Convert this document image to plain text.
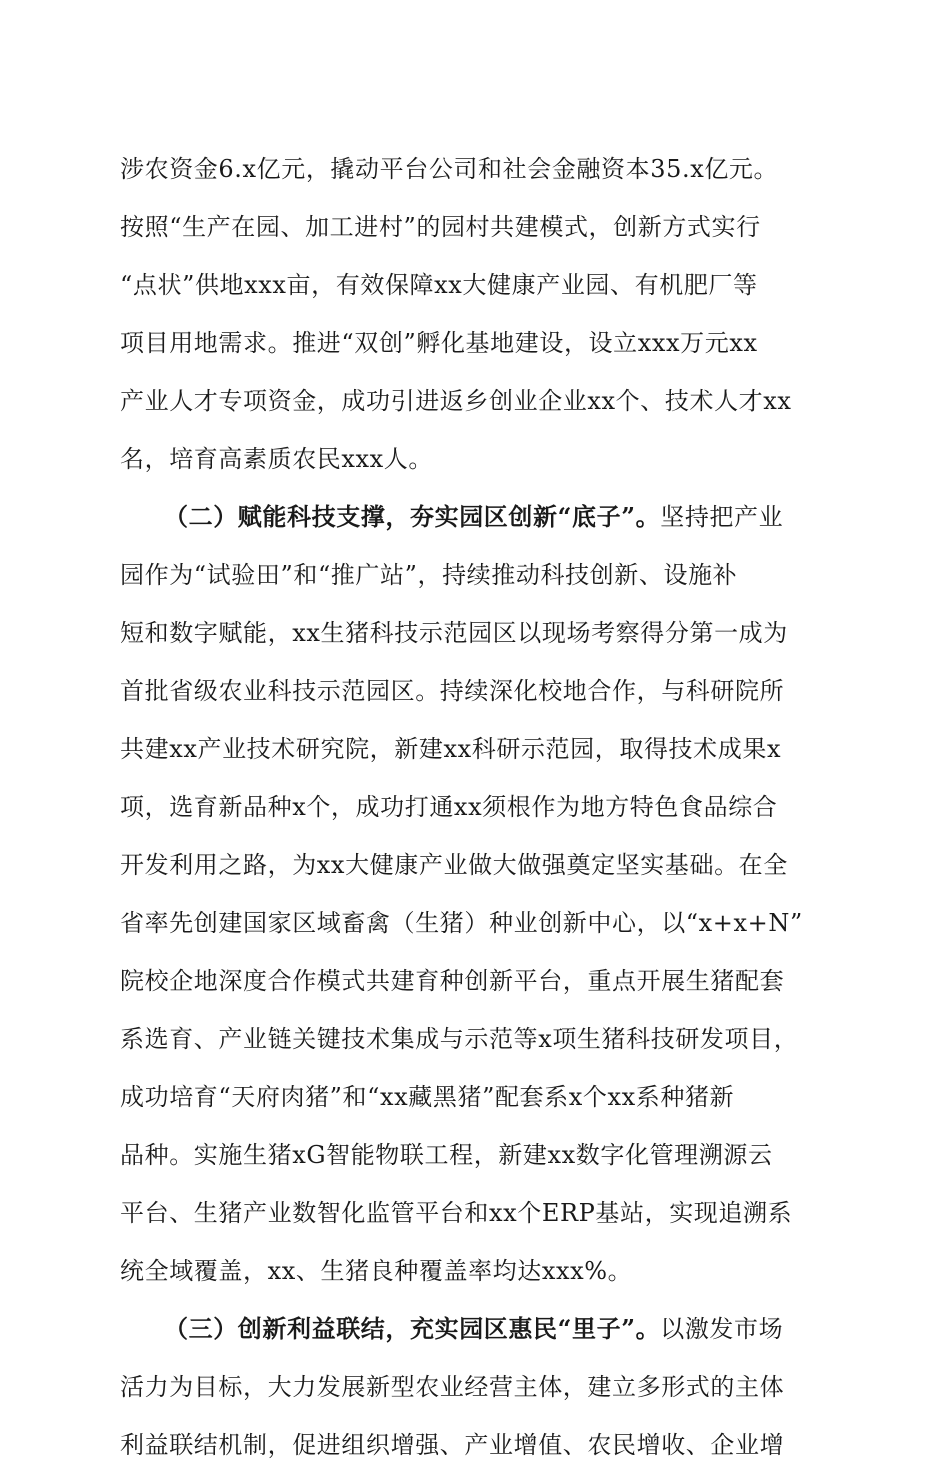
涉农资金6.x亿元，撬动平台公司和社会金融资本35.x亿元。
按照“生产在园、加工进村”的园村共建模式，创新方式实行
“点状”供地xxx亩，有效保障xx大健康产业园、有机肥厂等
项目用地需求。推进“双创”孵化基地建设，设立xxx万元xx
产业人才专项资金，成功引进返乡创业企业xx个、技术人才xx
名，培育高素质农民xxx人。
（二）赋能科技支撑，夯实园区创新“底子”。坚持把产业
园作为“试验田”和“推广站”，持续推动科技创新、设施补
短和数字赋能，xx生猪科技示范园区以现场考察得分第一成为
首批省级农业科技示范园区。持续深化校地合作，与科研院所
共建xx产业技术研究院，新建xx科研示范园，取得技术成果x
项，选育新品种x个，成功打通xx须根作为地方特色食品综合
开发利用之路，为xx大健康产业做大做强奠定坚实基础。在全
省率先创建国家区域畜禽（生猪）种业创新中心，以“x+x+N”
院校企地深度合作模式共建育种创新平台，重点开展生猪配套
系选育、产业链关键技术集成与示范等x项生猪科技研发项目，
成功培育“天府肉猪”和“xx藏黑猪”配套系x个xx系种猪新
品种。实施生猪xG智能物联工程，新建xx数字化管理溯源云
平台、生猪产业数智化监管平台和xx个ERP基站，实现追溯系
统全域覆盖，xx、生猪良种覆盖率均达xxx%。
（三）创新利益联结，充实园区惠民“里子”。以激发市场
活力为目标，大力发展新型农业经营主体，建立多形式的主体
利益联结机制，促进组织增强、产业增值、农民增收、企业增
